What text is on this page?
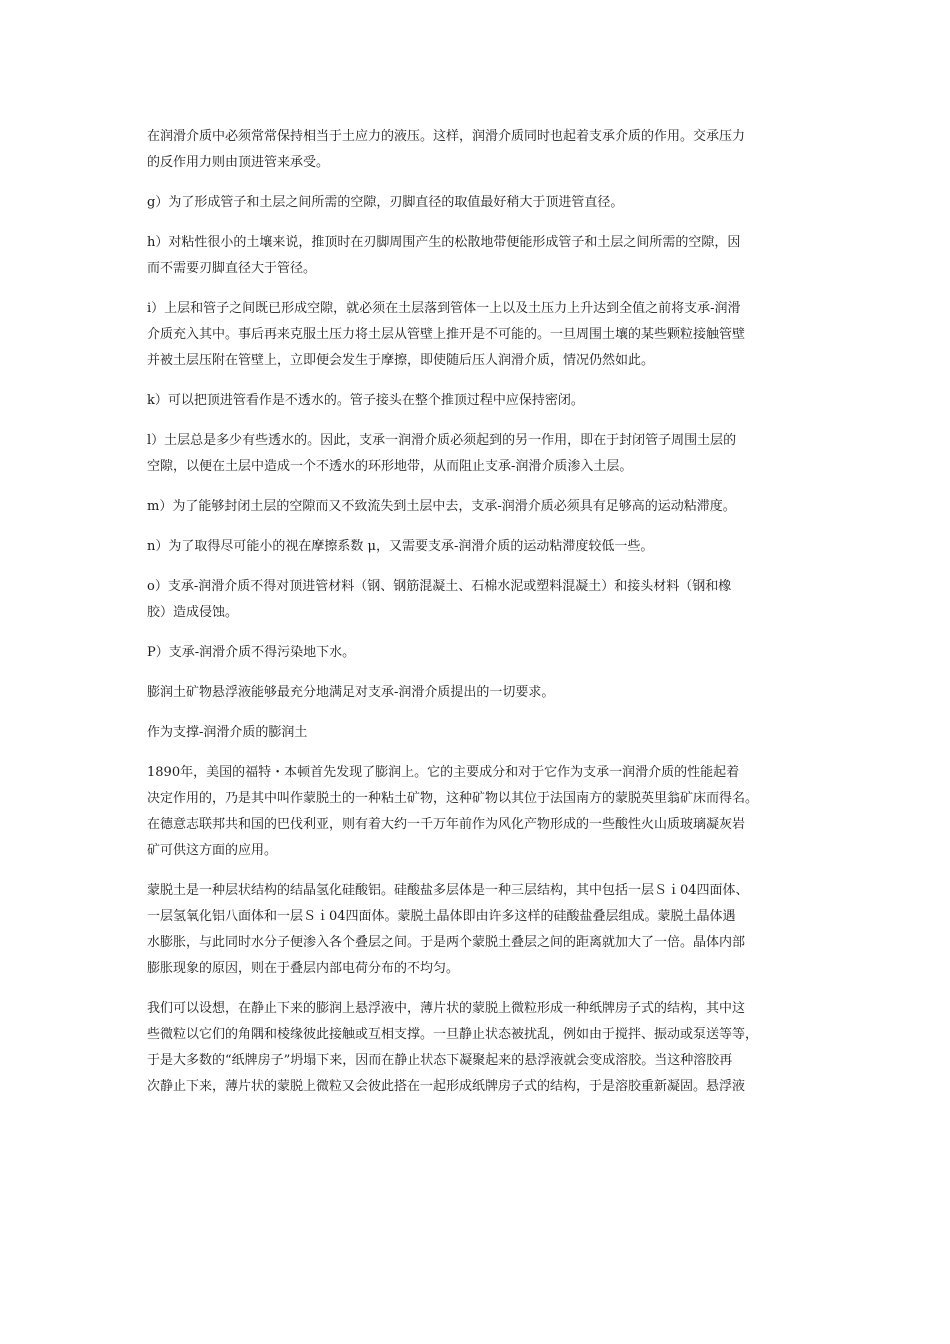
在润滑介质中必须常常保持相当于土应力的液压。这样，润滑介质同时也起着支承介质的作用。交承压力
的反作用力则由顶进管来承受。

g）为了形成管子和土层之间所需的空隙，刃脚直径的取值最好稍大于顶进管直径。

h）对粘性很小的土壤来说，推顶时在刃脚周围产生的松散地带便能形成管子和土层之间所需的空隙，因
而不需要刃脚直径大于管径。

i）上层和管子之间既已形成空隙，就必须在土层落到管体一上以及土压力上升达到全值之前将支承-润滑
介质充入其中。事后再来克服土压力将土层从管壁上推开是不可能的。一旦周围土壤的某些颗粒接触管壁
并被土层压附在管壁上，立即便会发生于摩擦，即使随后压人润滑介质，情况仍然如此。

k）可以把顶进管看作是不透水的。管子接头在整个推顶过程中应保持密闭。

l）土层总是多少有些透水的。因此，支承一润滑介质必须起到的另一作用，即在于封闭管子周围土层的
空隙，以便在土层中造成一个不透水的环形地带，从而阻止支承-润滑介质渗入土层。

m）为了能够封闭土层的空隙而又不致流失到土层中去，支承-润滑介质必须具有足够高的运动粘滞度。

n）为了取得尽可能小的视在摩擦系数 μ，又需要支承-润滑介质的运动粘滞度较低一些。

o）支承-润滑介质不得对顶进管材料（钢、钢筋混凝土、石棉水泥或塑料混凝土）和接头材料（钢和橡
胶）造成侵蚀。

P）支承-润滑介质不得污染地下水。

膨润土矿物悬浮液能够最充分地满足对支承-润滑介质提出的一切要求。

作为支撑-润滑介质的膨润土

1890年，美国的福特・本顿首先发现了膨润上。它的主要成分和对于它作为支承一润滑介质的性能起着
决定作用的，乃是其中叫作蒙脱土的一种粘土矿物，这种矿物以其位于法国南方的蒙脱英里翁矿床而得名。
在德意志联邦共和国的巴伐利亚，则有着大约一千万年前作为风化产物形成的一些酸性火山质玻璃凝灰岩
矿可供这方面的应用。

蒙脱土是一种层状结构的结晶氢化硅酸铝。硅酸盐多层体是一种三层结构，其中包括一层Ｓｉ04四面体、
一层氢氧化铝八面体和一层Ｓｉ04四面体。蒙脱土晶体即由许多这样的硅酸盐叠层组成。蒙脱土晶体遇
水膨胀，与此同时水分子便渗入各个叠层之间。于是两个蒙脱土叠层之间的距离就加大了一倍。晶体内部
膨胀现象的原因，则在于叠层内部电荷分布的不均匀。

我们可以设想，在静止下来的膨润上悬浮液中，薄片状的蒙脱上微粒形成一种纸牌房子式的结构，其中这
些微粒以它们的角隅和棱缘彼此接触或互相支撑。一旦静止状态被扰乱，例如由于搅拌、振动或泵送等等，
于是大多数的“纸牌房子”坍塌下来，因而在静止状态下凝聚起来的悬浮液就会变成溶胶。当这种溶胶再
次静止下来，薄片状的蒙脱上微粒又会彼此搭在一起形成纸牌房子式的结构，于是溶胶重新凝固。悬浮液
